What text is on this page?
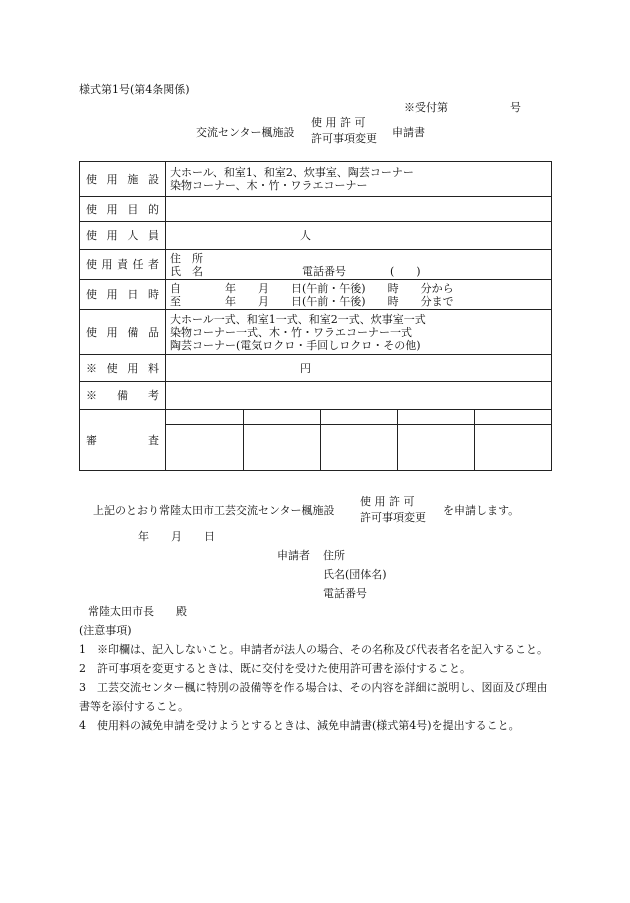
様式第1号(第4条関係)
※受付第	号
交流センター楓施設
使 用 許 可
許可事項変更 申請書
使用施設	大ホール、和室1、和室2、炊事室、陶芸コーナー
染物コーナー、木・竹・ワラエコーナー

使用目的	

使用人員	人

使用責任者	住　所
氏　名　　　　　　　　　電話番号　　　　(　　)

使用日時	自　　　　年　　月　　日(午前・午後)　　時　　分から
至　　　　年　　月　　日(午前・午後)　　時　　分まで

使用備品	
大ホール一式、和室1一式、和室2一式、炊事室一式
染物コーナー一式、木・竹・ワラエコーナー一式
陶芸コーナー(電気ロクロ・手回しロクロ・その他)

※使用料	円

※備考	

審査	

上記のとおり常陸太田市工芸交流センター楓施設
使 用 許 可
許可事項変更
を申請します。
年　　月　　日
申請者 住所
氏名(団体名)
電話番号
常陸太田市長　　殿

(注意事項)

1　※印欄は、記入しないこと。申請者が法人の場合、その名称及び代表者名を記入すること。

2　許可事項を変更するときは、既に交付を受けた使用許可書を添付すること。

3　工芸交流センター楓に特別の設備等を作る場合は、その内容を詳細に説明し、図面及び理由書等を添付すること。

4　使用料の減免申請を受けようとするときは、減免申請書(様式第4号)を提出すること。
